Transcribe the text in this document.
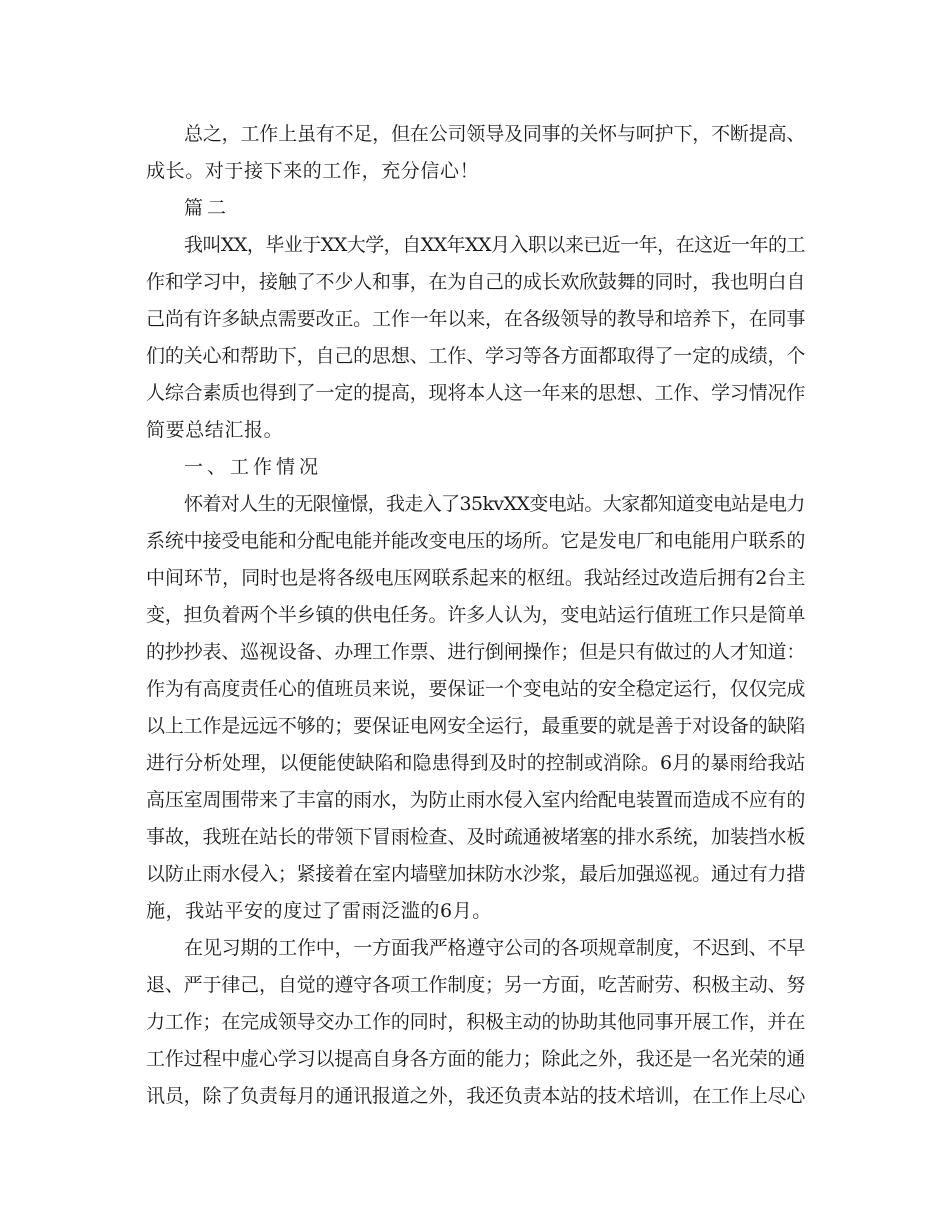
总之，工作上虽有不足，但在公司领导及同事的关怀与呵护下，不断提高、
成长。对于接下来的工作，充分信心！
篇二
我叫XX，毕业于XX大学，自XX年XX月入职以来已近一年，在这近一年的工
作和学习中，接触了不少人和事，在为自己的成长欢欣鼓舞的同时，我也明白自
己尚有许多缺点需要改正。工作一年以来，在各级领导的教导和培养下，在同事
们的关心和帮助下，自己的思想、工作、学习等各方面都取得了一定的成绩，个
人综合素质也得到了一定的提高，现将本人这一年来的思想、工作、学习情况作
简要总结汇报。
一、工作情况
怀着对人生的无限憧憬，我走入了35kvXX变电站。大家都知道变电站是电力
系统中接受电能和分配电能并能改变电压的场所。它是发电厂和电能用户联系的
中间环节，同时也是将各级电压网联系起来的枢纽。我站经过改造后拥有2台主
变，担负着两个半乡镇的供电任务。许多人认为，变电站运行值班工作只是简单
的抄抄表、巡视设备、办理工作票、进行倒闸操作；但是只有做过的人才知道：
作为有高度责任心的值班员来说，要保证一个变电站的安全稳定运行，仅仅完成
以上工作是远远不够的；要保证电网安全运行，最重要的就是善于对设备的缺陷
进行分析处理，以便能使缺陷和隐患得到及时的控制或消除。6月的暴雨给我站
高压室周围带来了丰富的雨水，为防止雨水侵入室内给配电装置而造成不应有的
事故，我班在站长的带领下冒雨检查、及时疏通被堵塞的排水系统，加装挡水板
以防止雨水侵入；紧接着在室内墙壁加抹防水沙浆，最后加强巡视。通过有力措
施，我站平安的度过了雷雨泛滥的6月。
在见习期的工作中，一方面我严格遵守公司的各项规章制度，不迟到、不早
退、严于律己，自觉的遵守各项工作制度；另一方面，吃苦耐劳、积极主动、努
力工作；在完成领导交办工作的同时，积极主动的协助其他同事开展工作，并在
工作过程中虚心学习以提高自身各方面的能力；除此之外，我还是一名光荣的通
讯员，除了负责每月的通讯报道之外，我还负责本站的技术培训，在工作上尽心
